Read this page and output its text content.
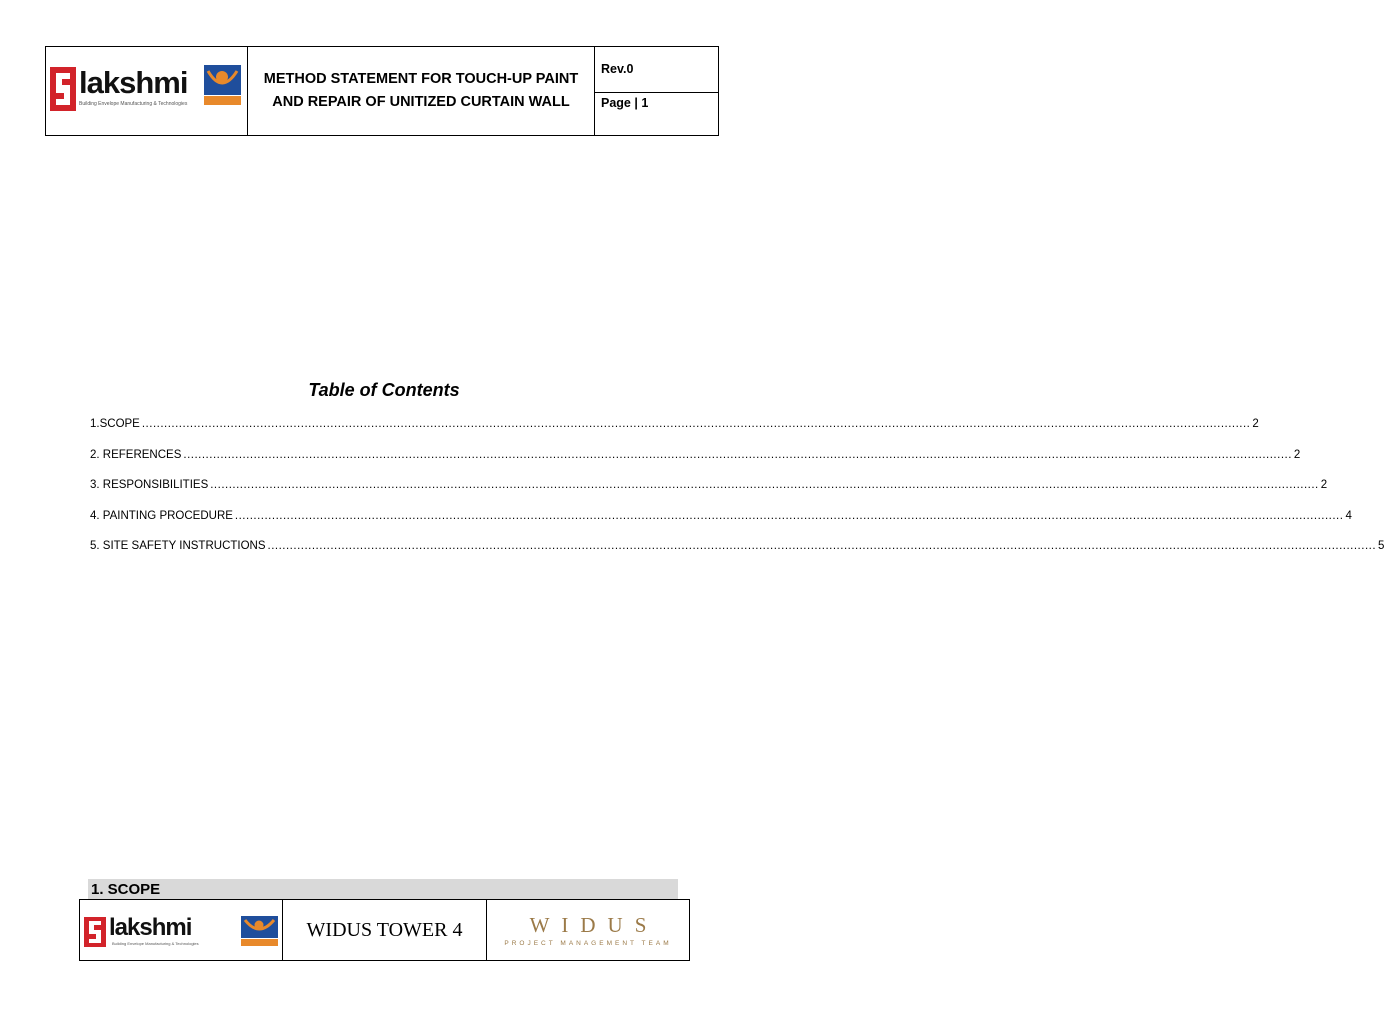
lakshmi
Building Envelope Manufacturing & Technologies
METHOD STATEMENT FOR TOUCH-UP PAINT AND REPAIR OF UNITIZED CURTAIN WALL
Rev.0
Page | 1
Table of Contents
1.SCOPE ............................................................................................................................................................................................................................................................................................................ 2
2. REFERENCES ............................................................................................................................................................................................................................................................................................................ 2
3. RESPONSIBILITIES ............................................................................................................................................................................................................................................................................................................ 2
4. PAINTING PROCEDURE ............................................................................................................................................................................................................................................................................................................ 4
5. SITE SAFETY INSTRUCTIONS ............................................................................................................................................................................................................................................................................................................ 5
1. SCOPE
lakshmi
Building Envelope Manufacturing & Technologies
WIDUS TOWER 4	WIDUS
PROJECT MANAGEMENT TEAM
